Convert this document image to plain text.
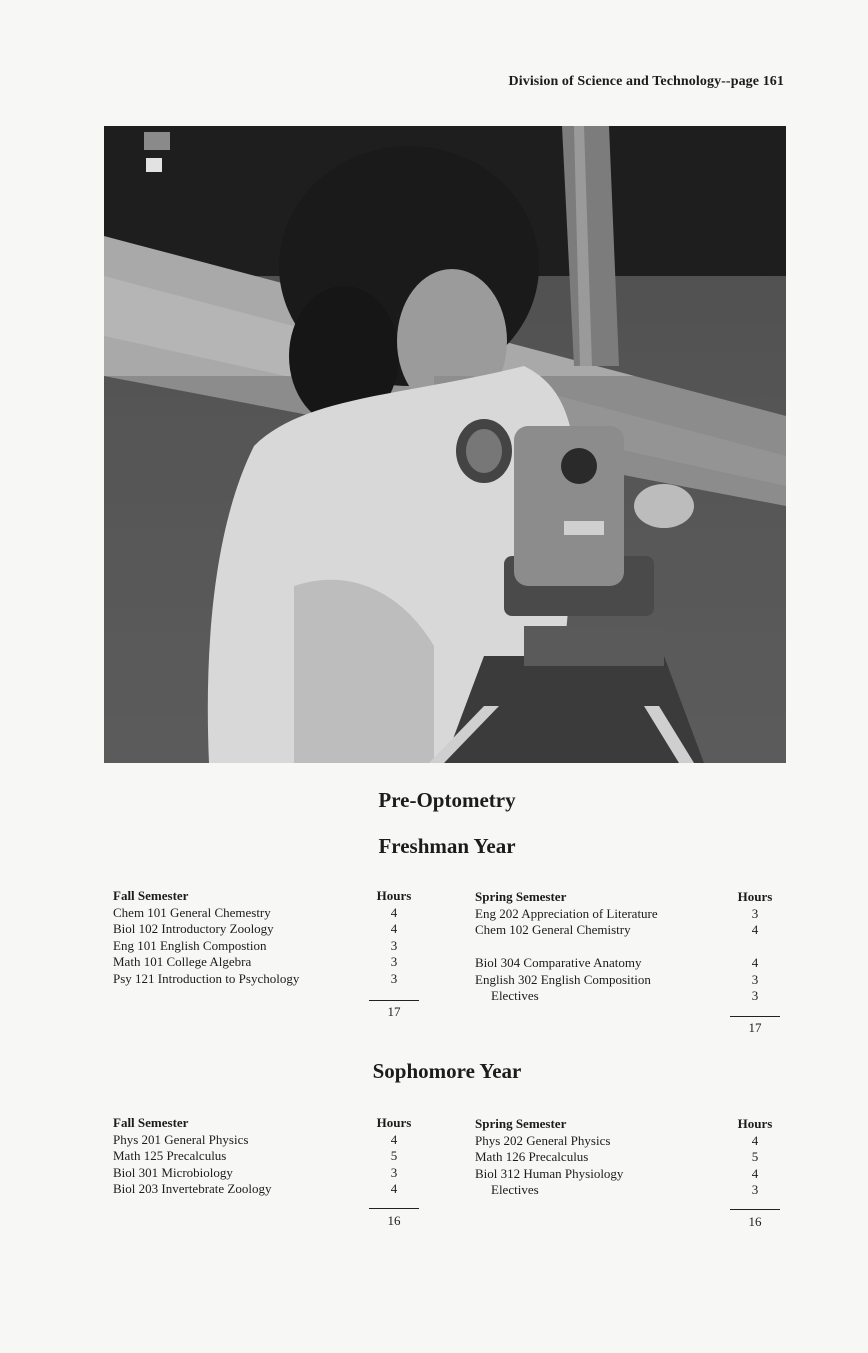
Division of Science and Technology--page 161
Pre-Optometry
Freshman Year
Fall Semester
Chem 101 General Chemestry
Biol 102 Introductory Zoology
Eng 101 English Compostion
Math 101 College Algebra
Psy 121 Introduction to Psychology
Hours
4
4
3
3
3
17
Spring Semester
Eng 202 Appreciation of Literature
Chem 102 General Chemistry
Biol 304 Comparative Anatomy
English 302 English Composition
Electives
Hours
3
4
4
3
3
17
Sophomore Year
Fall Semester
Phys 201 General Physics
Math 125 Precalculus
Biol 301 Microbiology
Biol 203 Invertebrate Zoology
Hours
4
5
3
4
16
Spring Semester
Phys 202 General Physics
Math 126 Precalculus
Biol 312 Human Physiology
Electives
Hours
4
5
4
3
16
